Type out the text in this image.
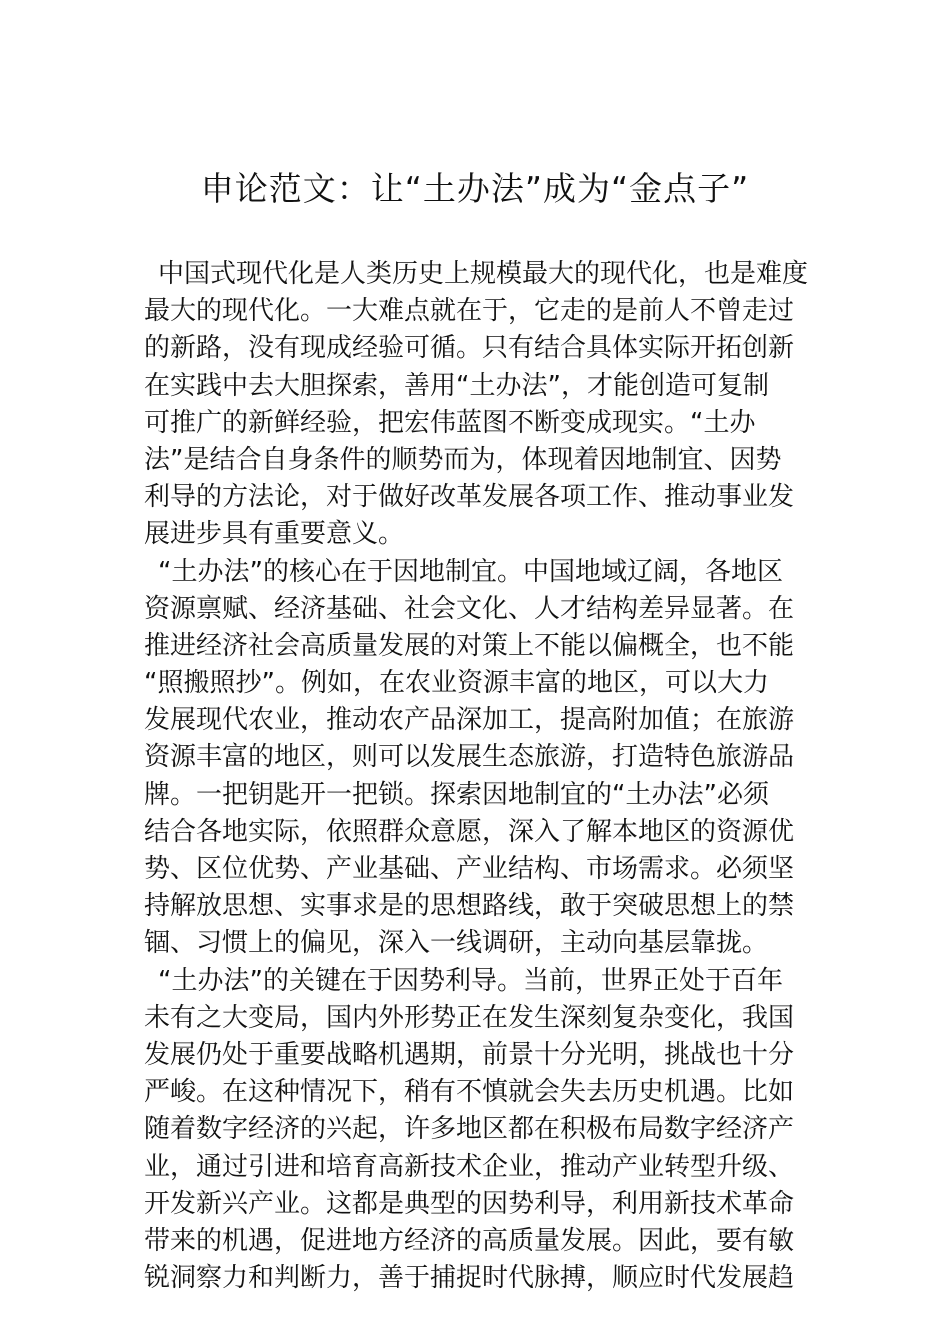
申论范文：让“土办法”成为“金点子”
中国式现代化是人类历史上规模最大的现代化，也是难度
最大的现代化。一大难点就在于，它走的是前人不曾走过
的新路，没有现成经验可循。只有结合具体实际开拓创新
在实践中去大胆探索，善用“土办法”，才能创造可复制
可推广的新鲜经验，把宏伟蓝图不断变成现实。“土办
法”是结合自身条件的顺势而为，体现着因地制宜、因势
利导的方法论，对于做好改革发展各项工作、推动事业发
展进步具有重要意义。
“土办法”的核心在于因地制宜。中国地域辽阔，各地区
资源禀赋、经济基础、社会文化、人才结构差异显著。在
推进经济社会高质量发展的对策上不能以偏概全，也不能
“照搬照抄”。例如，在农业资源丰富的地区，可以大力
发展现代农业，推动农产品深加工，提高附加值；在旅游
资源丰富的地区，则可以发展生态旅游，打造特色旅游品
牌。一把钥匙开一把锁。探索因地制宜的“土办法”必须
结合各地实际，依照群众意愿，深入了解本地区的资源优
势、区位优势、产业基础、产业结构、市场需求。必须坚
持解放思想、实事求是的思想路线，敢于突破思想上的禁
锢、习惯上的偏见，深入一线调研，主动向基层靠拢。
“土办法”的关键在于因势利导。当前，世界正处于百年
未有之大变局，国内外形势正在发生深刻复杂变化，我国
发展仍处于重要战略机遇期，前景十分光明，挑战也十分
严峻。在这种情况下，稍有不慎就会失去历史机遇。比如
随着数字经济的兴起，许多地区都在积极布局数字经济产
业，通过引进和培育高新技术企业，推动产业转型升级、
开发新兴产业。这都是典型的因势利导，利用新技术革命
带来的机遇，促进地方经济的高质量发展。因此，要有敏
锐洞察力和判断力，善于捕捉时代脉搏，顺应时代发展趋
